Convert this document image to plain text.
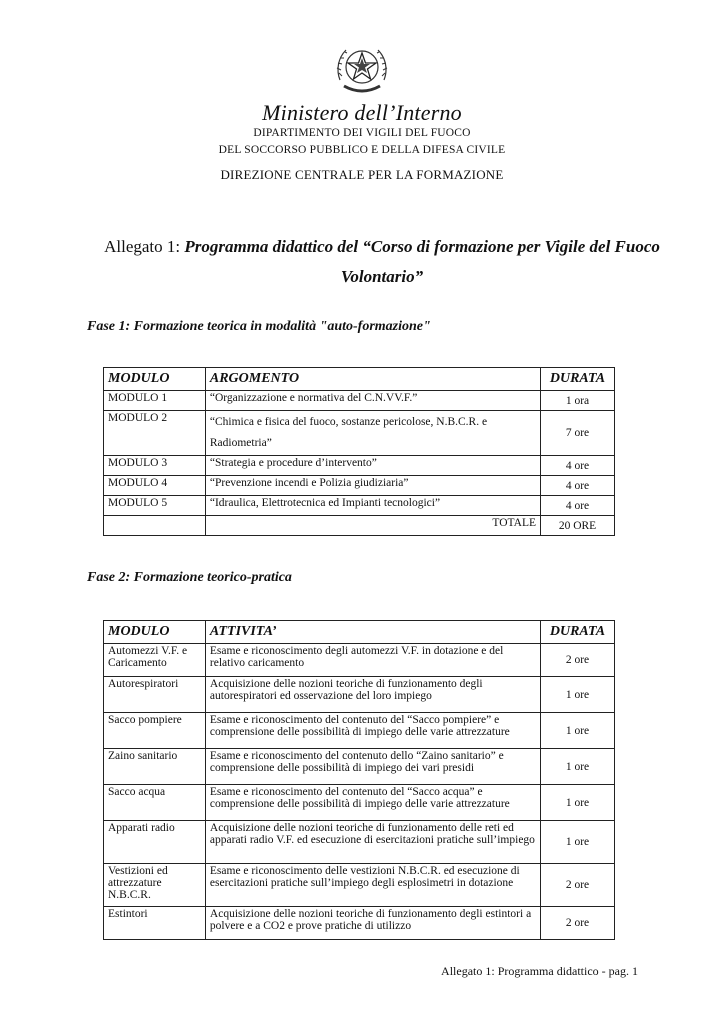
Ministero dell’Interno
DIPARTIMENTO DEI VIGILI DEL FUOCO
DEL SOCCORSO PUBBLICO E DELLA DIFESA CIVILE
DIREZIONE CENTRALE PER LA FORMAZIONE
Allegato 1: Programma didattico del “Corso di formazione per Vigile del Fuoco
Volontario”
Fase 1: Formazione teorica in modalità "auto-formazione"
MODULO	ARGOMENTO	DURATA
MODULO 1	“Organizzazione e normativa del C.N.VV.F.”	1 ora
MODULO 2	“Chimica e fisica del fuoco, sostanze pericolose, N.B.C.R. e Radiometria”	7 ore
MODULO 3	“Strategia e procedure d’intervento”	4 ore
MODULO 4	“Prevenzione incendi e Polizia giudiziaria”	4 ore
MODULO 5	“Idraulica, Elettrotecnica ed Impianti tecnologici”	4 ore
	TOTALE	20 ORE
Fase 2: Formazione teorico-pratica
MODULO	ATTIVITA’	DURATA
Automezzi V.F. e Caricamento	Esame e riconoscimento degli automezzi V.F. in dotazione e del relativo caricamento	2 ore
Autorespiratori	Acquisizione delle nozioni teoriche di funzionamento degli autorespiratori ed osservazione del loro impiego	1 ore
Sacco pompiere	Esame e riconoscimento del contenuto del “Sacco pompiere” e comprensione delle possibilità di impiego delle varie attrezzature	1 ore
Zaino sanitario	Esame e riconoscimento del contenuto dello “Zaino sanitario” e comprensione delle possibilità di impiego dei vari presidi	1 ore
Sacco acqua	Esame e riconoscimento del contenuto del “Sacco acqua” e comprensione delle possibilità di impiego delle varie attrezzature	1 ore
Apparati radio	Acquisizione delle nozioni teoriche di funzionamento delle reti ed apparati radio V.F. ed esecuzione di esercitazioni pratiche sull’impiego	1 ore
Vestizioni ed attrezzature N.B.C.R.	Esame e riconoscimento delle vestizioni N.B.C.R. ed esecuzione di esercitazioni pratiche sull’impiego degli esplosimetri in dotazione	2 ore
Estintori	Acquisizione delle nozioni teoriche di funzionamento degli estintori a polvere e a CO2 e prove pratiche di utilizzo	2 ore
Allegato 1: Programma didattico - pag. 1
